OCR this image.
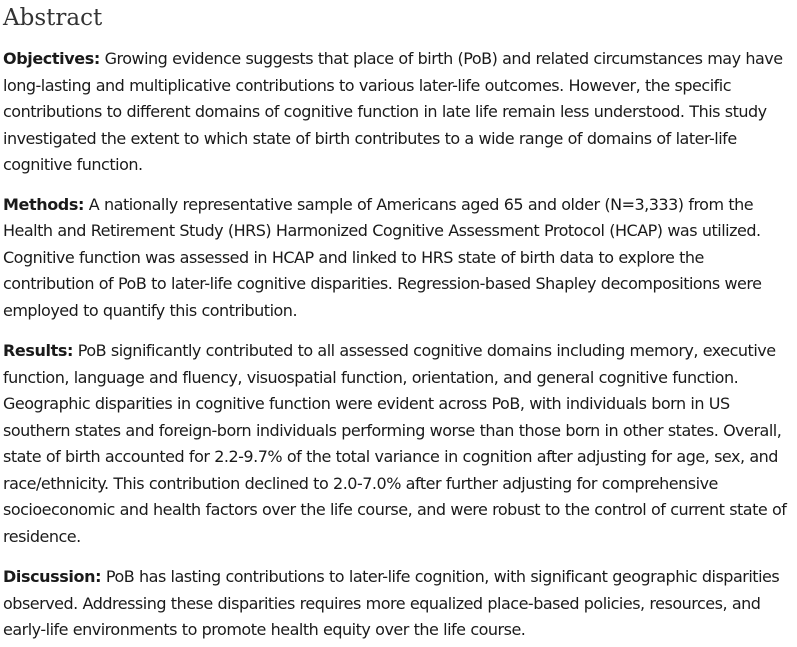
Abstract

Objectives: Growing evidence suggests that place of birth (PoB) and related circumstances may have long-lasting and multiplicative contributions to various later-life outcomes. However, the specific contributions to different domains of cognitive function in late life remain less understood. This study investigated the extent to which state of birth contributes to a wide range of domains of later-life cognitive function.

Methods: A nationally representative sample of Americans aged 65 and older (N=3,333) from the Health and Retirement Study (HRS) Harmonized Cognitive Assessment Protocol (HCAP) was utilized. Cognitive function was assessed in HCAP and linked to HRS state of birth data to explore the contribution of PoB to later-life cognitive disparities. Regression-based Shapley decompositions were employed to quantify this contribution.

Results: PoB significantly contributed to all assessed cognitive domains including memory, executive function, language and fluency, visuospatial function, orientation, and general cognitive function. Geographic disparities in cognitive function were evident across PoB, with individuals born in US southern states and foreign-born individuals performing worse than those born in other states. Overall, state of birth accounted for 2.2-9.7% of the total variance in cognition after adjusting for age, sex, and race/ethnicity. This contribution declined to 2.0-7.0% after further adjusting for comprehensive socioeconomic and health factors over the life course, and were robust to the control of current state of residence.

Discussion: PoB has lasting contributions to later-life cognition, with significant geographic disparities observed. Addressing these disparities requires more equalized place-based policies, resources, and early-life environments to promote health equity over the life course.
